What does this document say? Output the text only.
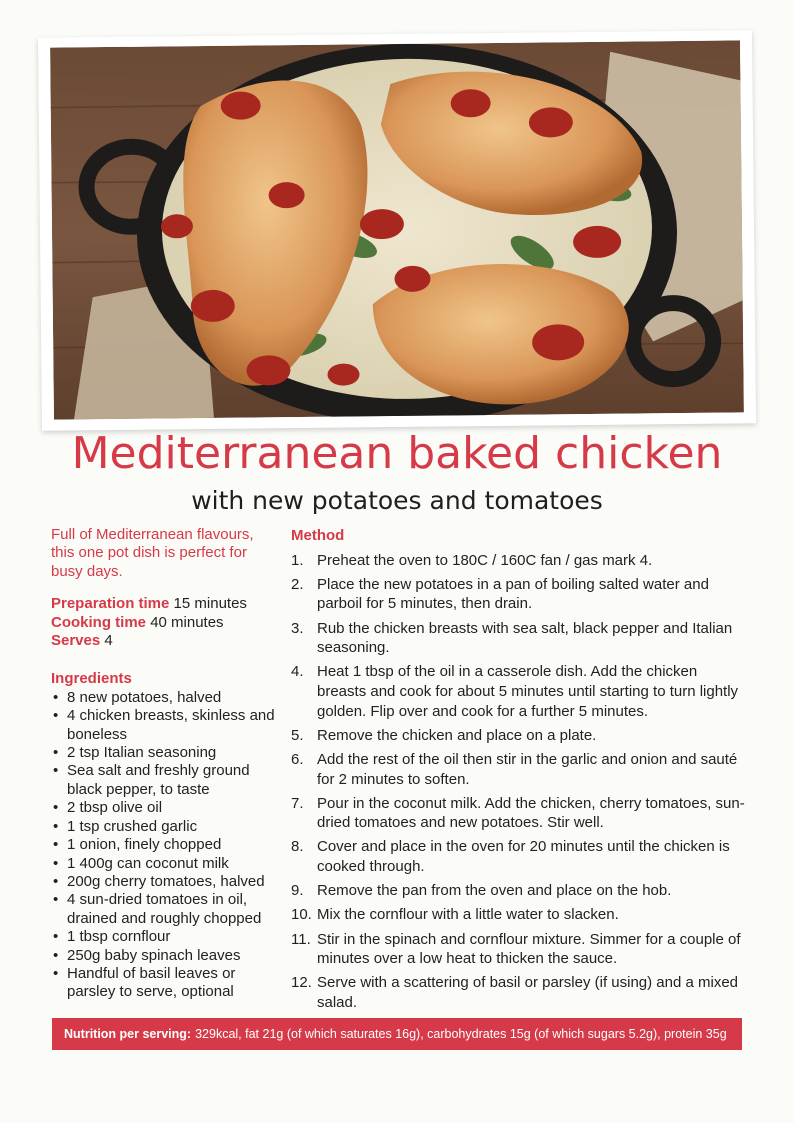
Mediterranean baked chicken
with new potatoes and tomatoes

Full of Mediterranean flavours, this one pot dish is perfect for busy days.

Preparation time 15 minutes

Cooking time 40 minutes

Serves 4

Ingredients
• 8 new potatoes, halved
• 4 chicken breasts, skinless and boneless
• 2 tsp Italian seasoning
• Sea salt and freshly ground black pepper, to taste
• 2 tbsp olive oil
• 1 tsp crushed garlic
• 1 onion, finely chopped
• 1 400g can coconut milk
• 200g cherry tomatoes, halved
• 4 sun-dried tomatoes in oil, drained and roughly chopped
• 1 tbsp cornflour
• 250g baby spinach leaves
• Handful of basil leaves or parsley to serve, optional
Method
1. Preheat the oven to 180C / 160C fan / gas mark 4.
2. Place the new potatoes in a pan of boiling salted water and parboil for 5 minutes, then drain.
3. Rub the chicken breasts with sea salt, black pepper and Italian seasoning.
4. Heat 1 tbsp of the oil in a casserole dish. Add the chicken breasts and cook for about 5 minutes until starting to turn lightly golden. Flip over and cook for a further 5 minutes.
5. Remove the chicken and place on a plate.
6. Add the rest of the oil then stir in the garlic and onion and sauté for 2 minutes to soften.
7. Pour in the coconut milk. Add the chicken, cherry tomatoes, sun-dried tomatoes and new potatoes. Stir well.
8. Cover and place in the oven for 20 minutes until the chicken is cooked through.
9. Remove the pan from the oven and place on the hob.
10. Mix the cornflour with a little water to slacken.
11. Stir in the spinach and cornflour mixture. Simmer for a couple of minutes over a low heat to thicken the sauce.
12. Serve with a scattering of basil or parsley (if using) and a mixed salad.
Nutrition per serving: 329kcal, fat 21g (of which saturates 16g), carbohydrates 15g (of which sugars 5.2g), protein 35g
